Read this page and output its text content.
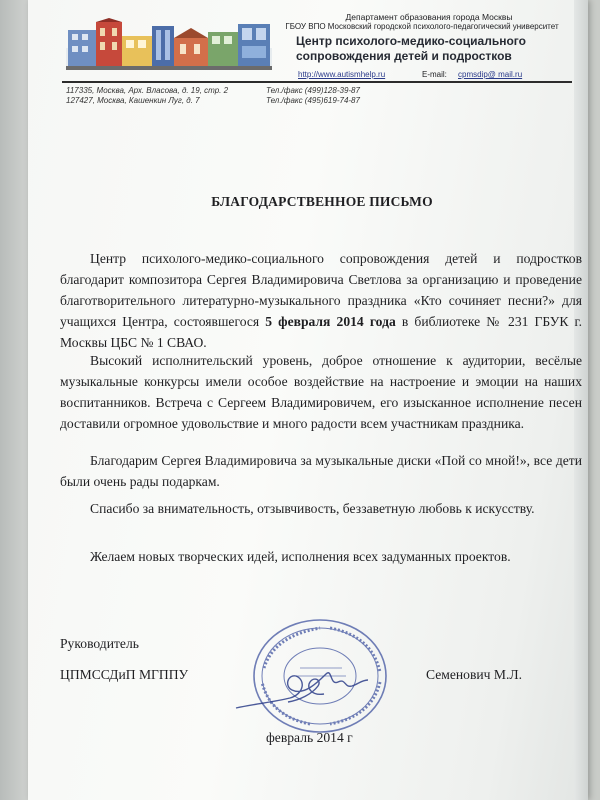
Департамент образования города Москвы
ГБОУ ВПО Московский городской психолого-педагогический университет
Центр психолого-медико-социального сопровождения детей и подростков
http://www.autismhelp.ru	E-mail: cpmsdip@ mail.ru
117335, Москва, Арх. Власова, д. 19, стр. 2
127427, Москва, Кашенкин Луг, д. 7
Тел./факс (499)128-39-87
Тел./факс (495)619-74-87
БЛАГОДАРСТВЕННОЕ ПИСЬМО
Центр психолого-медико-социального сопровождения детей и подростков благодарит композитора Сергея Владимировича Светлова за организацию и проведение благотворительного литературно-музыкального праздника «Кто сочиняет песни?» для учащихся Центра, состоявшегося 5 февраля 2014 года в библиотеке № 231 ГБУК г. Москвы ЦБС № 1 СВАО.
Высокий исполнительский уровень, доброе отношение к аудитории, весёлые музыкальные конкурсы имели особое воздействие на настроение и эмоции на наших воспитанников. Встреча с Сергеем Владимировичем, его изысканное исполнение песен доставили огромное удовольствие и много радости всем участникам праздника.
Благодарим Сергея Владимировича за музыкальные диски «Пой со мной!», все дети были очень рады подаркам.
Спасибо за внимательность, отзывчивость, беззаветную любовь к искусству.
Желаем новых творческих идей, исполнения всех задуманных проектов.
Руководитель
ЦПМССДиП МГППУ	Семенович М.Л.
февраль 2014 г
